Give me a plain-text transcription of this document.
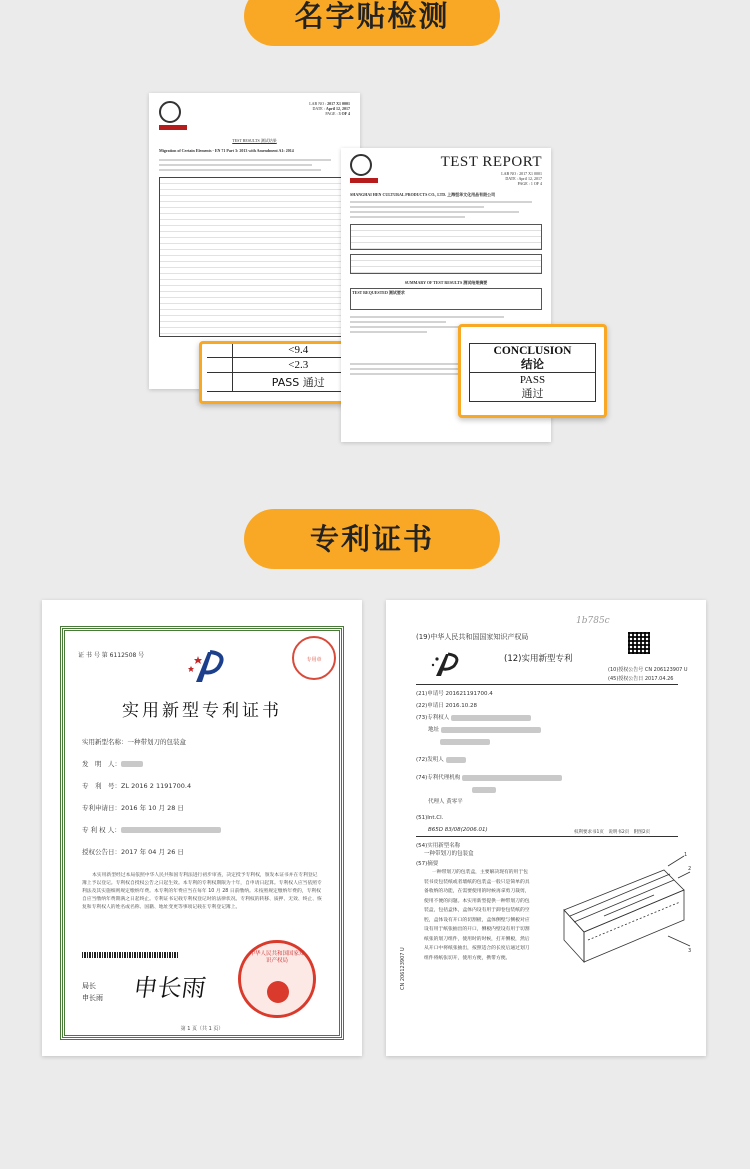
名字贴检测
LAB NO : 2017 X1 0001
DATE : April 12, 2017
PAGE : 3 OF 4
TEST RESULTS 测试结果
Migration of Certain Elements - EN 71 Part 3: 2013 with Amendment A1: 2014
	<9.4
	<2.3
	PASS 通过
TEST REPORT
LAB NO : 2017 X1 0001
DATE : April 12, 2017
PAGE : 1 OF 4
SHANGHAI HEN CULTURAL PRODUCTS CO., LTD. 上海恒华文化用品有限公司
SUMMARY OF TEST RESULTS 测试结果摘要
TEST REQUESTED 测试要求
CONCLUSION
结论

PASS
通过
专利证书
证 书 号 第 6112508 号
专用章
实用新型专利证书
实用新型名称：一种带划刀的包装盒
发　明　人：
专　利　号：ZL 2016 2 1191700.4
专利申请日：2016 年 10 月 28 日
专 利 权 人：
授权公告日：2017 年 04 月 26 日
本实用新型经过本局依照中华人民共和国专利法进行初步审查，决定授予专利权，颁发本证书并在专利登记簿上予以登记。专利权自授权公告之日起生效。本专利的专利权期限为十年，自申请日起算。专利权人应当依照专利法及其实施细则规定缴纳年费。本专利的年费应当在每年 10 月 28 日前缴纳。未按照规定缴纳年费的，专利权自应当缴纳年费期满之日起终止。专利证书记载专利权登记时的法律状况。专利权的转移、质押、无效、终止、恢复和专利权人的姓名或名称、国籍、地址变更等事项记载在专利登记簿上。
局长
申长雨 申长雨
中华人民共和国国家知识产权局
第 1 页（共 1 页）
(19)中华人民共和国国家知识产权局
1b785c
(12)实用新型专利
(10)授权公告号 CN 206123907 U
(45)授权公告日 2017.04.26
(21)申请号 201621191700.4
(22)申请日 2016.10.28
(73)专利权人
地址
(72)发明人
(74)专利代理机构
代理人 黄零平
(51)Int.Cl.
B65D 83/08(2006.01)	权利要求书1页　说明书2页　附图2页
(54)实用新型名称
一种带划刀的包装盒
(57)摘要
一种带划刀的包装盒，主要解决现有的用于包装书皮包装纸或者墙纸的包装盒一般只是简单的具备收纳的功能，在需要使用的时候再拿剪刀裁剪，使用不便的问题。本实用新型提供一种带划刀的包装盒，包括盒体，盒体内设有用于卸卷包装纸的空腔，盒体设有开口的切割板，盒体侧壁与侧板对应设有用于纸张抽出的开口，侧板内壁设有用于切割纸张的划刀组件，使用时的时候，打开侧板，然后从开口中将纸张抽出，按照适合的长度后通过划刀组件将纸张切开，使用方便，携带方便。
1
2
3
CN 206123907 U
